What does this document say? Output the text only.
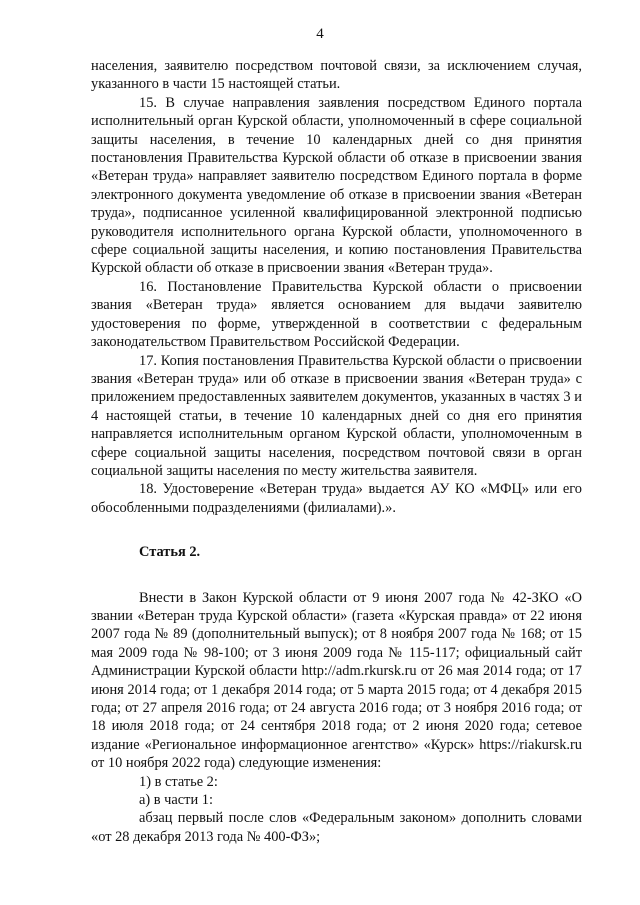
4

населения, заявителю посредством почтовой связи, за исключением случая, указанного в части 15 настоящей статьи.

15. В случае направления заявления посредством Единого портала исполнительный орган Курской области, уполномоченный в сфере социальной защиты населения, в течение 10 календарных дней со дня принятия постановления Правительства Курской области об отказе в присвоении звания «Ветеран труда» направляет заявителю посредством Единого портала в форме электронного документа уведомление об отказе в присвоении звания «Ветеран труда», подписанное усиленной квалифицированной электронной подписью руководителя исполнительного органа Курской области, уполномоченного в сфере социальной защиты населения, и копию постановления Правительства Курской области об отказе в присвоении звания «Ветеран труда».

16. Постановление Правительства Курской области о присвоении звания «Ветеран труда» является основанием для выдачи заявителю удостоверения по форме, утвержденной в соответствии с федеральным законодательством Правительством Российской Федерации.

17. Копия постановления Правительства Курской области о присвоении звания «Ветеран труда» или об отказе в присвоении звания «Ветеран труда» с приложением предоставленных заявителем документов, указанных в частях 3 и 4 настоящей статьи, в течение 10 календарных дней со дня его принятия направляется исполнительным органом Курской области, уполномоченным в сфере социальной защиты населения, посредством почтовой связи в орган социальной защиты населения по месту жительства заявителя.

18. Удостоверение «Ветеран труда» выдается АУ КО «МФЦ» или его обособленными подразделениями (филиалами).».

Статья 2.

Внести в Закон Курской области от 9 июня 2007 года № 42-ЗКО «О звании «Ветеран труда Курской области» (газета «Курская правда» от 22 июня 2007 года № 89 (дополнительный выпуск); от 8 ноября 2007 года № 168; от 15 мая 2009 года № 98-100; от 3 июня 2009 года № 115-117; официальный сайт Администрации Курской области http://adm.rkursk.ru от 26 мая 2014 года; от 17 июня 2014 года; от 1 декабря 2014 года; от 5 марта 2015 года; от 4 декабря 2015 года; от 27 апреля 2016 года; от 24 августа 2016 года; от 3 ноября 2016 года; от 18 июля 2018 года; от 24 сентября 2018 года; от 2 июня 2020 года; сетевое издание «Региональное информационное агентство» «Курск» https://riakursk.ru от 10 ноября 2022 года) следующие изменения:

1) в статье 2:

а) в части 1:

абзац первый после слов «Федеральным законом» дополнить словами «от 28 декабря 2013 года № 400-ФЗ»;
